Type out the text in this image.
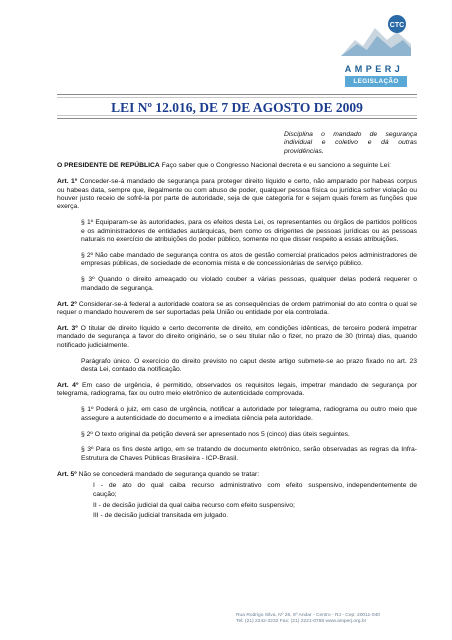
CTC
AMPERJ
LEGISLAÇÃO
LEI Nº 12.016, DE 7 DE AGOSTO DE 2009

Disciplina o mandado de segurança individual e coletivo e dá outras providências.

O PRESIDENTE DE REPÚBLICA Faço saber que o Congresso Nacional decreta e eu sanciono a seguinte Lei:

Art. 1º Conceder-se-á mandado de segurança para proteger direito líquido e certo, não amparado por habeas corpus ou habeas data, sempre que, ilegalmente ou com abuso de poder, qualquer pessoa física ou jurídica sofrer violação ou houver justo receio de sofrê-la por parte de autoridade, seja de que categoria for e sejam quais forem as funções que exerça.

§ 1º Equiparam-se às autoridades, para os efeitos desta Lei, os representantes ou órgãos de partidos políticos e os administradores de entidades autárquicas, bem como os dirigentes de pessoas jurídicas ou as pessoas naturais no exercício de atribuições do poder público, somente no que disser respeito a essas atribuições.

§ 2º Não cabe mandado de segurança contra os atos de gestão comercial praticados pelos administradores de empresas públicas, de sociedade de economia mista e de concessionárias de serviço público.

§ 3º Quando o direito ameaçado ou violado couber a várias pessoas, qualquer delas poderá requerer o mandado de segurança.

Art. 2º Considerar-se-á federal a autoridade coatora se as consequências de ordem patrimonial do ato contra o qual se requer o mandado houverem de ser suportadas pela União ou entidade por ela controlada.

Art. 3º O titular de direito líquido e certo decorrente de direito, em condições idênticas, de terceiro poderá impetrar mandado de segurança a favor do direito originário, se o seu titular não o fizer, no prazo de 30 (trinta) dias, quando notificado judicialmente.

Parágrafo único. O exercício do direito previsto no caput deste artigo submete-se ao prazo fixado no art. 23 desta Lei, contado da notificação.

Art. 4º Em caso de urgência, é permitido, observados os requisitos legais, impetrar mandado de segurança por telegrama, radiograma, fax ou outro meio eletrônico de autenticidade comprovada.

§ 1º Poderá o juiz, em caso de urgência, notificar a autoridade por telegrama, radiograma ou outro meio que assegure a autenticidade do documento e a imediata ciência pela autoridade.

§ 2º O texto original da petição deverá ser apresentado nos 5 (cinco) dias úteis seguintes.

§ 3º Para os fins deste artigo, em se tratando de documento eletrônico, serão observadas as regras da Infra-Estrutura de Chaves Públicas Brasileira - ICP-Brasil.

Art. 5º Não se concederá mandado de segurança quando se tratar:

I  -  de  ato  do  qual  caiba  recurso  administrativo  com  efeito  suspensivo, independentemente de caução;
II - de decisão judicial da qual caiba recurso com efeito suspensivo;
III - de decisão judicial transitada em julgado.
Rua Rodrigo Silva, Nº 26, 8º Andar - Centro - RJ - Cep: 20011-040
Tel: (21) 2242-3232 Fax: (21) 2221-0768 www.amperj.org.br
